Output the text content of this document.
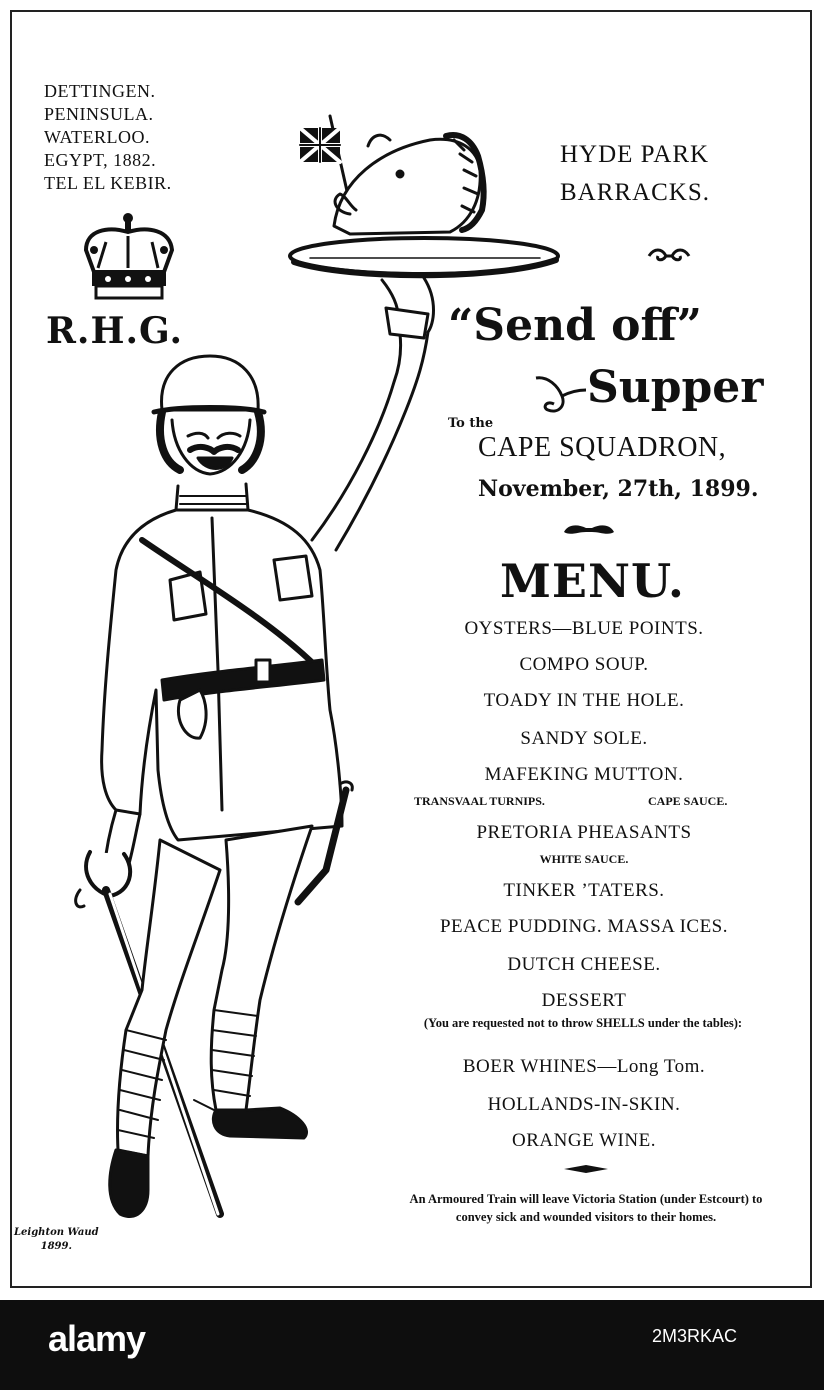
DETTINGEN.
PENINSULA.
WATERLOO.
EGYPT, 1882.
TEL EL KEBIR.
R.H.G.
HYDE PARK
BARRACKS.
“Send off”
Supper
To the
CAPE SQUADRON,
November, 27th, 1899.
MENU.
OYSTERS—BLUE POINTS.
COMPO SOUP.
TOADY IN THE HOLE.
SANDY SOLE.
MAFEKING MUTTON.
TRANSVAAL TURNIPS.	CAPE SAUCE.
PRETORIA PHEASANTS
WHITE SAUCE.
TINKER ’TATERS.
PEACE PUDDING. MASSA ICES.
DUTCH CHEESE.
DESSERT
(You are requested not to throw SHELLS under the tables):
BOER WHINES—Long Tom.
HOLLANDS-IN-SKIN.
ORANGE WINE.
An Armoured Train will leave Victoria Station (under Estcourt) to convey sick and wounded visitors to their homes.
Leighton Waud
1899.
alamy	2M3RKAC
